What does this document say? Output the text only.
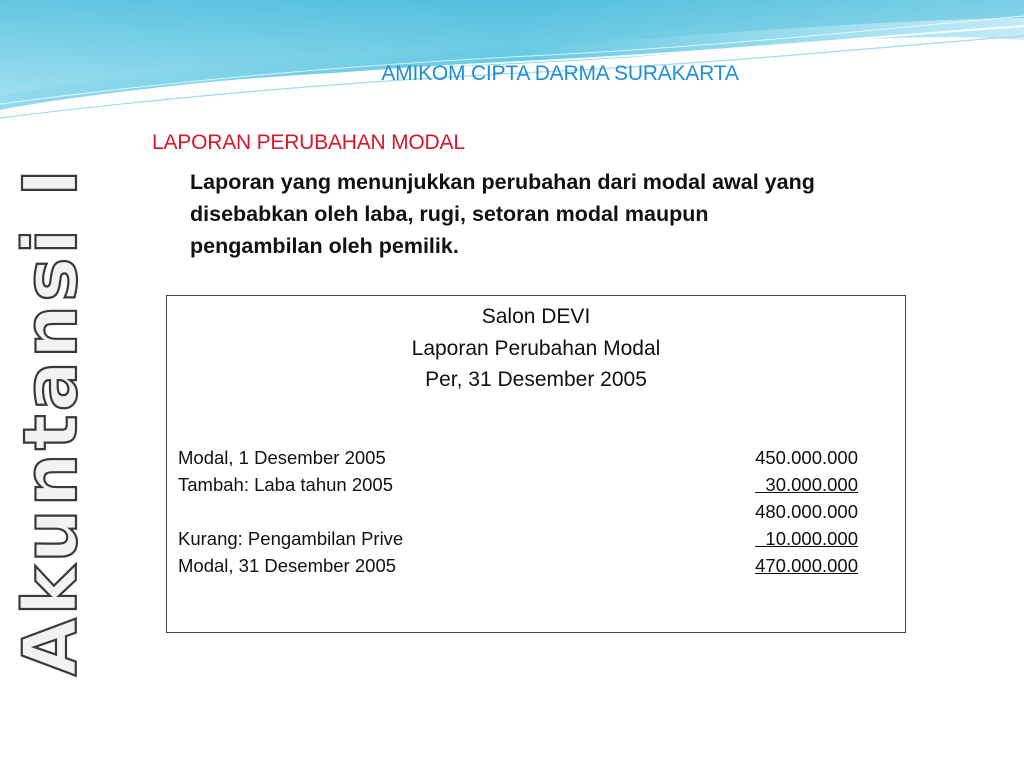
AMIKOM CIPTA DARMA SURAKARTA
LAPORAN PERUBAHAN MODAL
Laporan yang menunjukkan perubahan dari modal awal yang
disebabkan oleh laba, rugi, setoran modal maupun
pengambilan oleh pemilik.
Akuntansi I	Salon DEVI
Laporan Perubahan Modal
Per, 31 Desember 2005
Modal, 1 Desember 2005	450.000.000
Tambah: Laba tahun 2005	30.000.000
480.000.000
Kurang: Pengambilan Prive	10.000.000
Modal, 31 Desember 2005	470.000.000
